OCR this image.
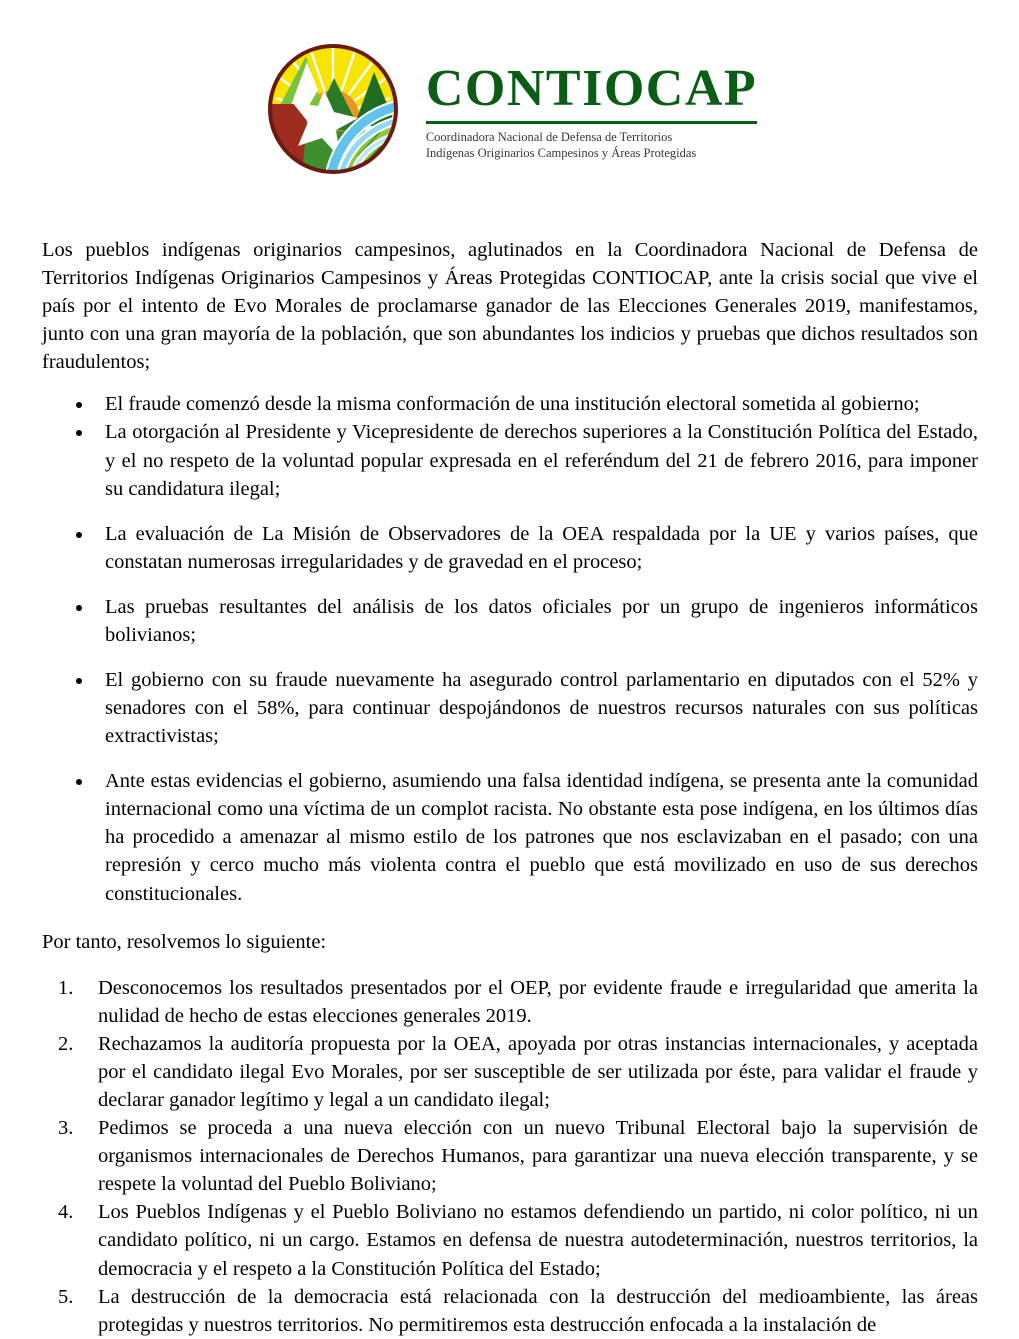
CONTIOCAP
Coordinadora Nacional de Defensa de Territorios
Indígenas Originarios Campesinos y Áreas Protegidas

Los pueblos indígenas originarios campesinos, aglutinados en la Coordinadora Nacional de Defensa de Territorios Indígenas Originarios Campesinos y Áreas Protegidas CONTIOCAP, ante la crisis social que vive el país por el intento de Evo Morales de proclamarse ganador de las Elecciones Generales 2019, manifestamos, junto con una gran mayoría de la población, que son abundantes los indicios y pruebas que dichos resultados son fraudulentos;

El fraude comenzó desde la misma conformación de una institución electoral sometida al gobierno;
La otorgación al Presidente y Vicepresidente de derechos superiores a la Constitución Política del Estado, y el no respeto de la voluntad popular expresada en el referéndum del 21 de febrero 2016, para imponer su candidatura ilegal;
La evaluación de La Misión de Observadores de la OEA respaldada por la UE y varios países, que constatan numerosas irregularidades y de gravedad en el proceso;
Las pruebas resultantes del análisis de los datos oficiales por un grupo de ingenieros informáticos bolivianos;
El gobierno con su fraude nuevamente ha asegurado control parlamentario en diputados con el 52% y senadores con el 58%, para continuar despojándonos de nuestros recursos naturales con sus políticas extractivistas;
Ante estas evidencias el gobierno, asumiendo una falsa identidad indígena, se presenta ante la comunidad internacional como una víctima de un complot racista. No obstante esta pose indígena, en los últimos días ha procedido a amenazar al mismo estilo de los patrones que nos esclavizaban en el pasado; con una represión y cerco mucho más violenta contra el pueblo que está movilizado en uso de sus derechos constitucionales.

Por tanto, resolvemos lo siguiente:

1.	Desconocemos los resultados presentados por el OEP, por evidente fraude e irregularidad que amerita la nulidad de hecho de estas elecciones generales 2019.
2.	Rechazamos la auditoría propuesta por la OEA, apoyada por otras instancias internacionales, y aceptada por el candidato ilegal Evo Morales, por ser susceptible de ser utilizada por éste, para validar el fraude y declarar ganador legítimo y legal a un candidato ilegal;
3.	Pedimos se proceda a una nueva elección con un nuevo Tribunal Electoral bajo la supervisión de organismos internacionales de Derechos Humanos, para garantizar una nueva elección transparente, y se respete la voluntad del Pueblo Boliviano;
4.	Los Pueblos Indígenas y el Pueblo Boliviano no estamos defendiendo un partido, ni color político, ni un candidato político, ni un cargo. Estamos en defensa de nuestra autodeterminación, nuestros territorios, la democracia y el respeto a la Constitución Política del Estado;
5.	La destrucción de la democracia está relacionada con la destrucción del medioambiente, las áreas protegidas y nuestros territorios. No permitiremos esta destrucción enfocada a la instalación de
